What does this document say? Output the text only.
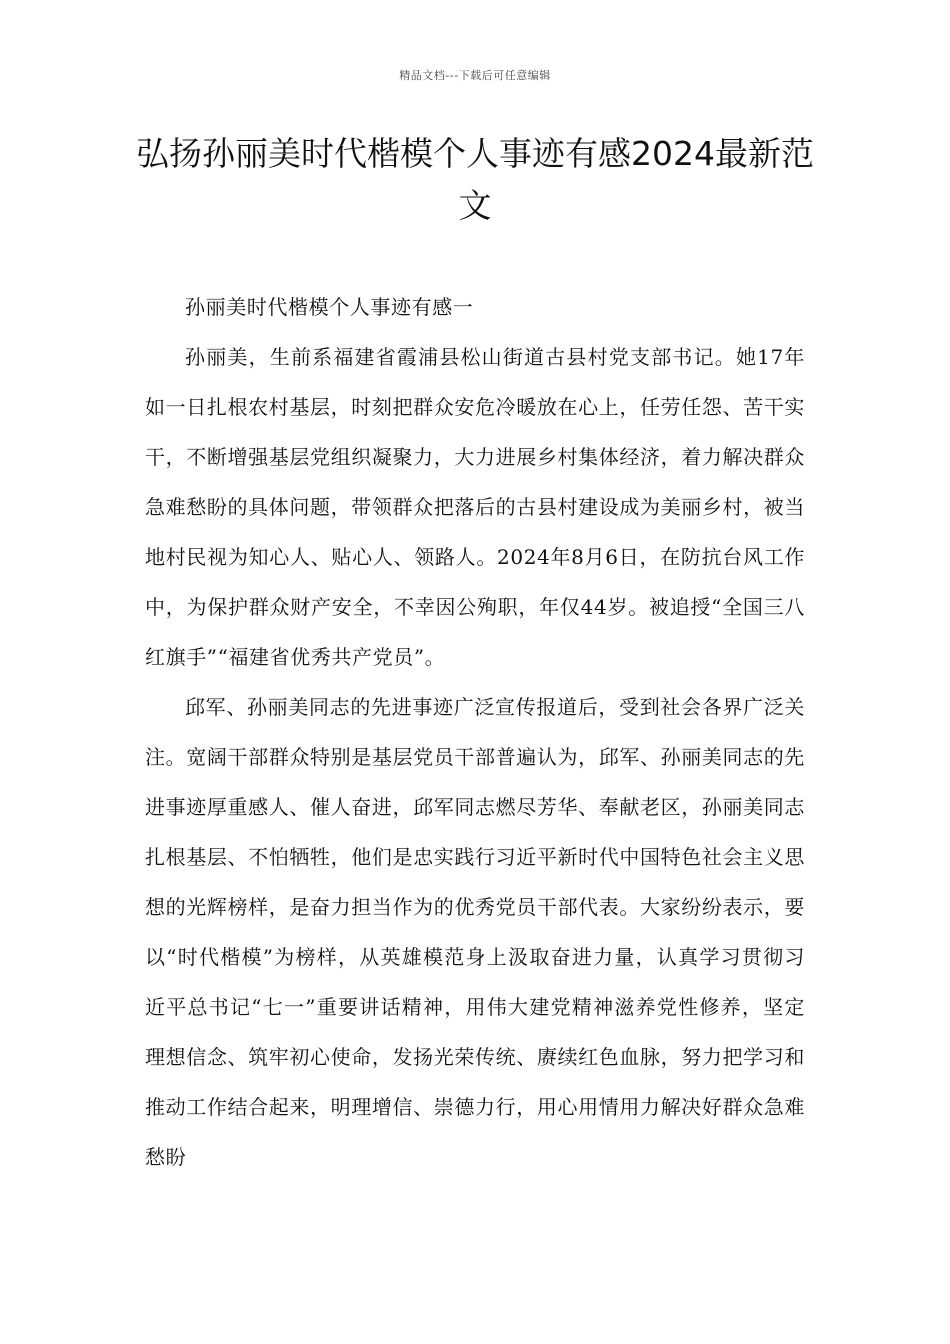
精品文档---下载后可任意编辑
弘扬孙丽美时代楷模个人事迹有感2024最新范文

孙丽美时代楷模个人事迹有感一

孙丽美，生前系福建省霞浦县松山街道古县村党支部书记。她17年如一日扎根农村基层，时刻把群众安危冷暖放在心上，任劳任怨、苦干实干，不断增强基层党组织凝聚力，大力进展乡村集体经济，着力解决群众急难愁盼的具体问题，带领群众把落后的古县村建设成为美丽乡村，被当地村民视为知心人、贴心人、领路人。2024年8月6日，在防抗台风工作中，为保护群众财产安全，不幸因公殉职，年仅44岁。被追授“全国三八红旗手”“福建省优秀共产党员”。

邱军、孙丽美同志的先进事迹广泛宣传报道后，受到社会各界广泛关注。宽阔干部群众特别是基层党员干部普遍认为，邱军、孙丽美同志的先进事迹厚重感人、催人奋进，邱军同志燃尽芳华、奉献老区，孙丽美同志扎根基层、不怕牺牲，他们是忠实践行习近平新时代中国特色社会主义思想的光辉榜样，是奋力担当作为的优秀党员干部代表。大家纷纷表示，要以“时代楷模”为榜样，从英雄模范身上汲取奋进力量，认真学习贯彻习近平总书记“七一”重要讲话精神，用伟大建党精神滋养党性修养，坚定理想信念、筑牢初心使命，发扬光荣传统、赓续红色血脉，努力把学习和推动工作结合起来，明理增信、崇德力行，用心用情用力解决好群众急难愁盼
